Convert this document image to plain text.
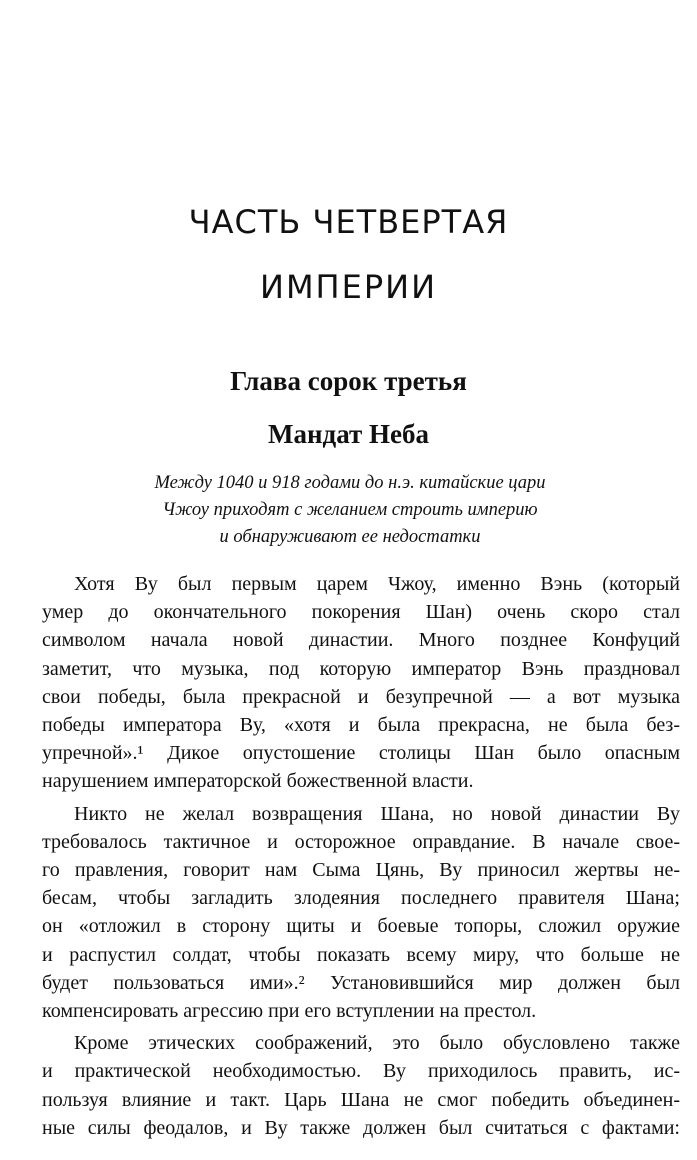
ЧАСТЬ ЧЕТВЕРТАЯ
ИМПЕРИИ
Глава сорок третья
Мандат Неба

Между 1040 и 918 годами до н.э. китайские цари
Чжоу приходят с желанием строить империю
и обнаруживают ее недостатки

Хотя Ву был первым царем Чжоу, именно Вэнь (который
умер до окончательного покорения Шан) очень скоро стал
символом начала новой династии. Много позднее Конфуций
заметит, что музыка, под которую император Вэнь праздновал
свои победы, была прекрасной и безупречной — а вот музыка
победы императора Ву, «хотя и была прекрасна, не была без-
упречной».¹ Дикое опустошение столицы Шан было опасным
нарушением императорской божественной власти.
Никто не желал возвращения Шана, но новой династии Ву
требовалось тактичное и осторожное оправдание. В начале свое-
го правления, говорит нам Сыма Цянь, Ву приносил жертвы не-
бесам, чтобы загладить злодеяния последнего правителя Шана;
он «отложил в сторону щиты и боевые топоры, сложил оружие
и распустил солдат, чтобы показать всему миру, что больше не
будет пользоваться ими».² Установившийся мир должен был
компенсировать агрессию при его вступлении на престол.
Кроме этических соображений, это было обусловлено также
и практической необходимостью. Ву приходилось править, ис-
пользуя влияние и такт. Царь Шана не смог победить объединен-
ные силы феодалов, и Ву также должен был считаться с фактами:
